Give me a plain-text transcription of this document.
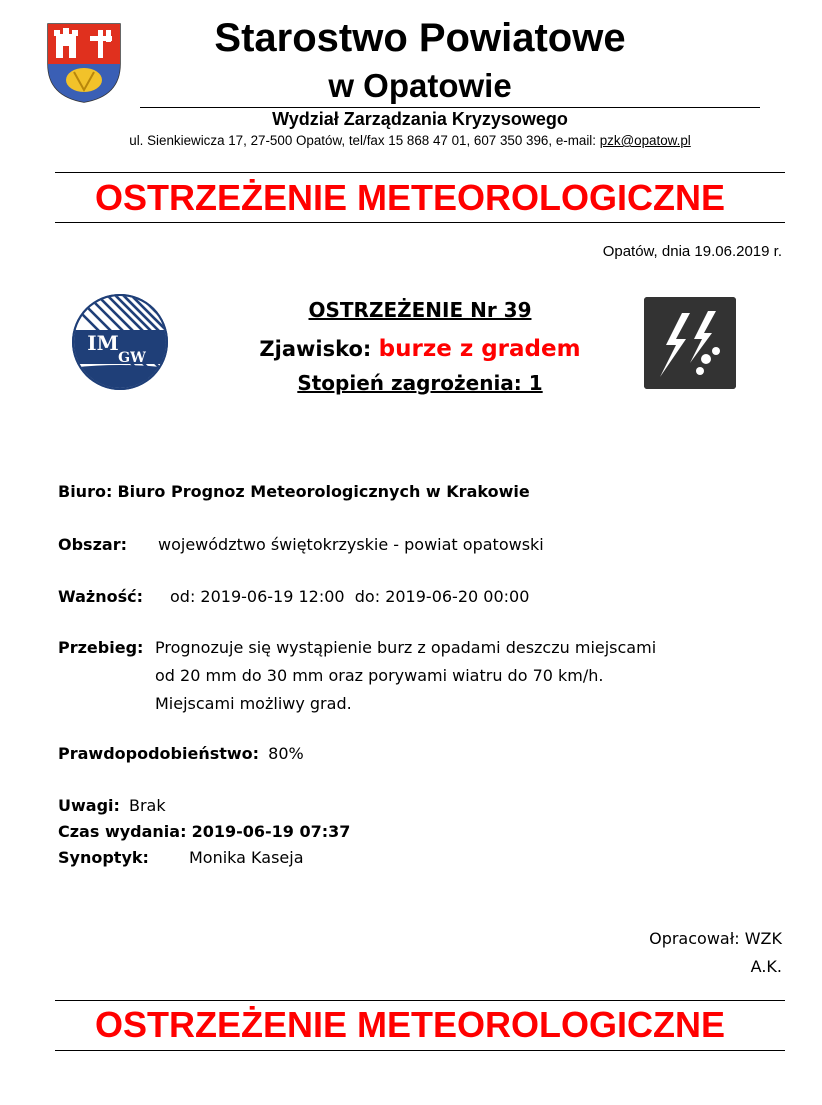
Starostwo Powiatowe
w Opatowie
Wydział Zarządzania Kryzysowego
ul. Sienkiewicza 17, 27-500 Opatów, tel/fax 15 868 47 01, 607 350 396, e-mail: pzk@opatow.pl
OSTRZEŻENIE METEOROLOGICZNE
Opatów, dnia 19.06.2019 r.
IM
GW
OSTRZEŻENIE Nr 39
Zjawisko: burze z gradem
Stopień zagrożenia: 1
Biuro: Biuro Prognoz Meteorologicznych w Krakowie
Obszar: województwo świętokrzyskie - powiat opatowski
Ważność: od: 2019-06-19 12:00  do: 2019-06-20 00:00
Przebieg: Prognozuje się wystąpienie burz z opadami deszczu miejscami
od 20 mm do 30 mm oraz porywami wiatru do 70 km/h.
Miejscami możliwy grad.
Prawdopodobieństwo: 80%
Uwagi: Brak
Czas wydania: 2019-06-19 07:37
Synoptyk:	Monika Kaseja
Opracował: WZK
A.K.
OSTRZEŻENIE METEOROLOGICZNE
